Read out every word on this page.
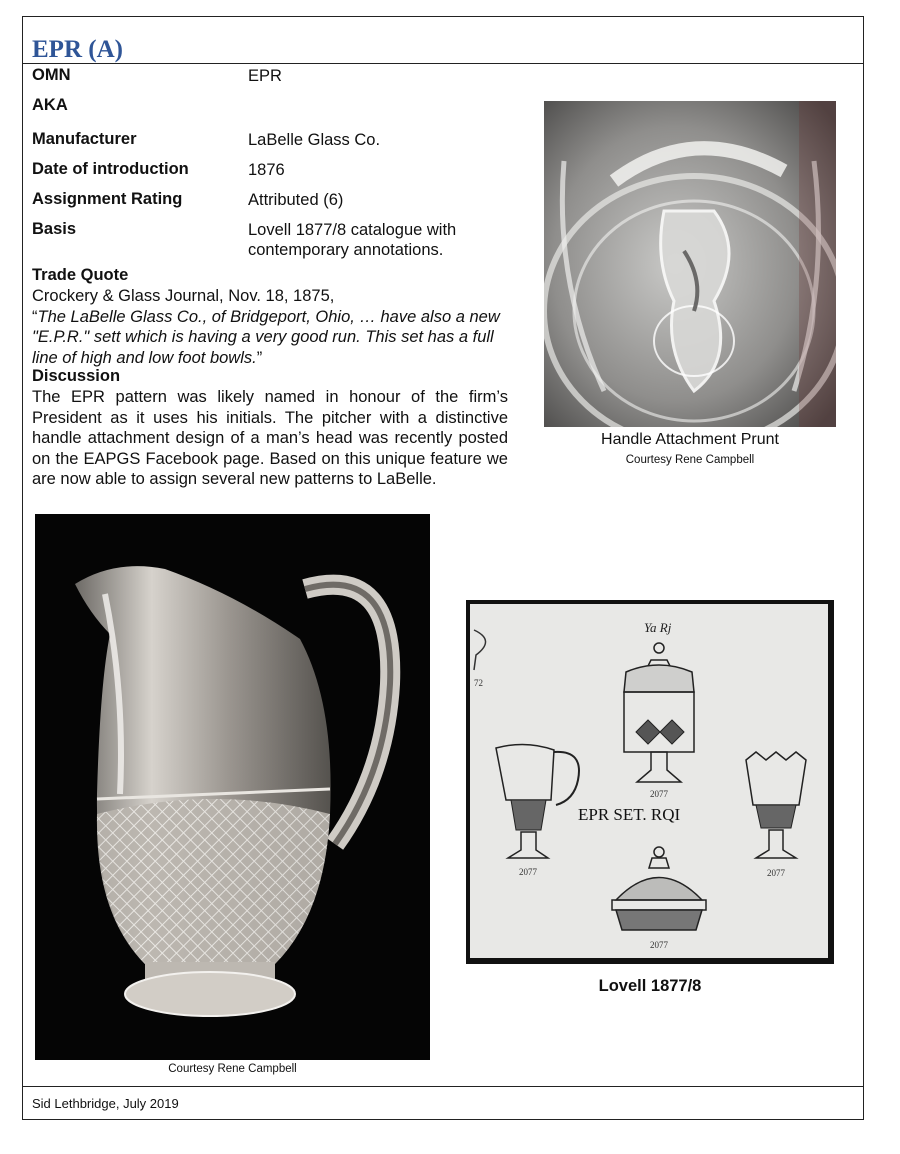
EPR (A)
OMN	EPR
AKA
Manufacturer	LaBelle Glass Co.
Date of introduction	1876
Assignment Rating	Attributed (6)
Basis	Lovell 1877/8 catalogue with
contemporary annotations.
Trade Quote
Crockery & Glass Journal, Nov. 18, 1875,
“The LaBelle Glass Co., of Bridgeport, Ohio, … have also a new "E.P.R." sett which is having a very good run. This set has a full line of high and low foot bowls.”
Discussion
The EPR pattern was likely named in honour of the firm’s President as it uses his initials. The pitcher with a distinctive handle attachment design of a man’s head was recently posted on the EAPGS Facebook page. Based on this unique feature we are now able to assign several new patterns to LaBelle.
Handle Attachment Prunt
Courtesy Rene Campbell
Courtesy Rene Campbell
72
Ya Rj
2077
2077
EPR SET. RQI
2077
2077
Lovell 1877/8
Sid Lethbridge, July 2019
